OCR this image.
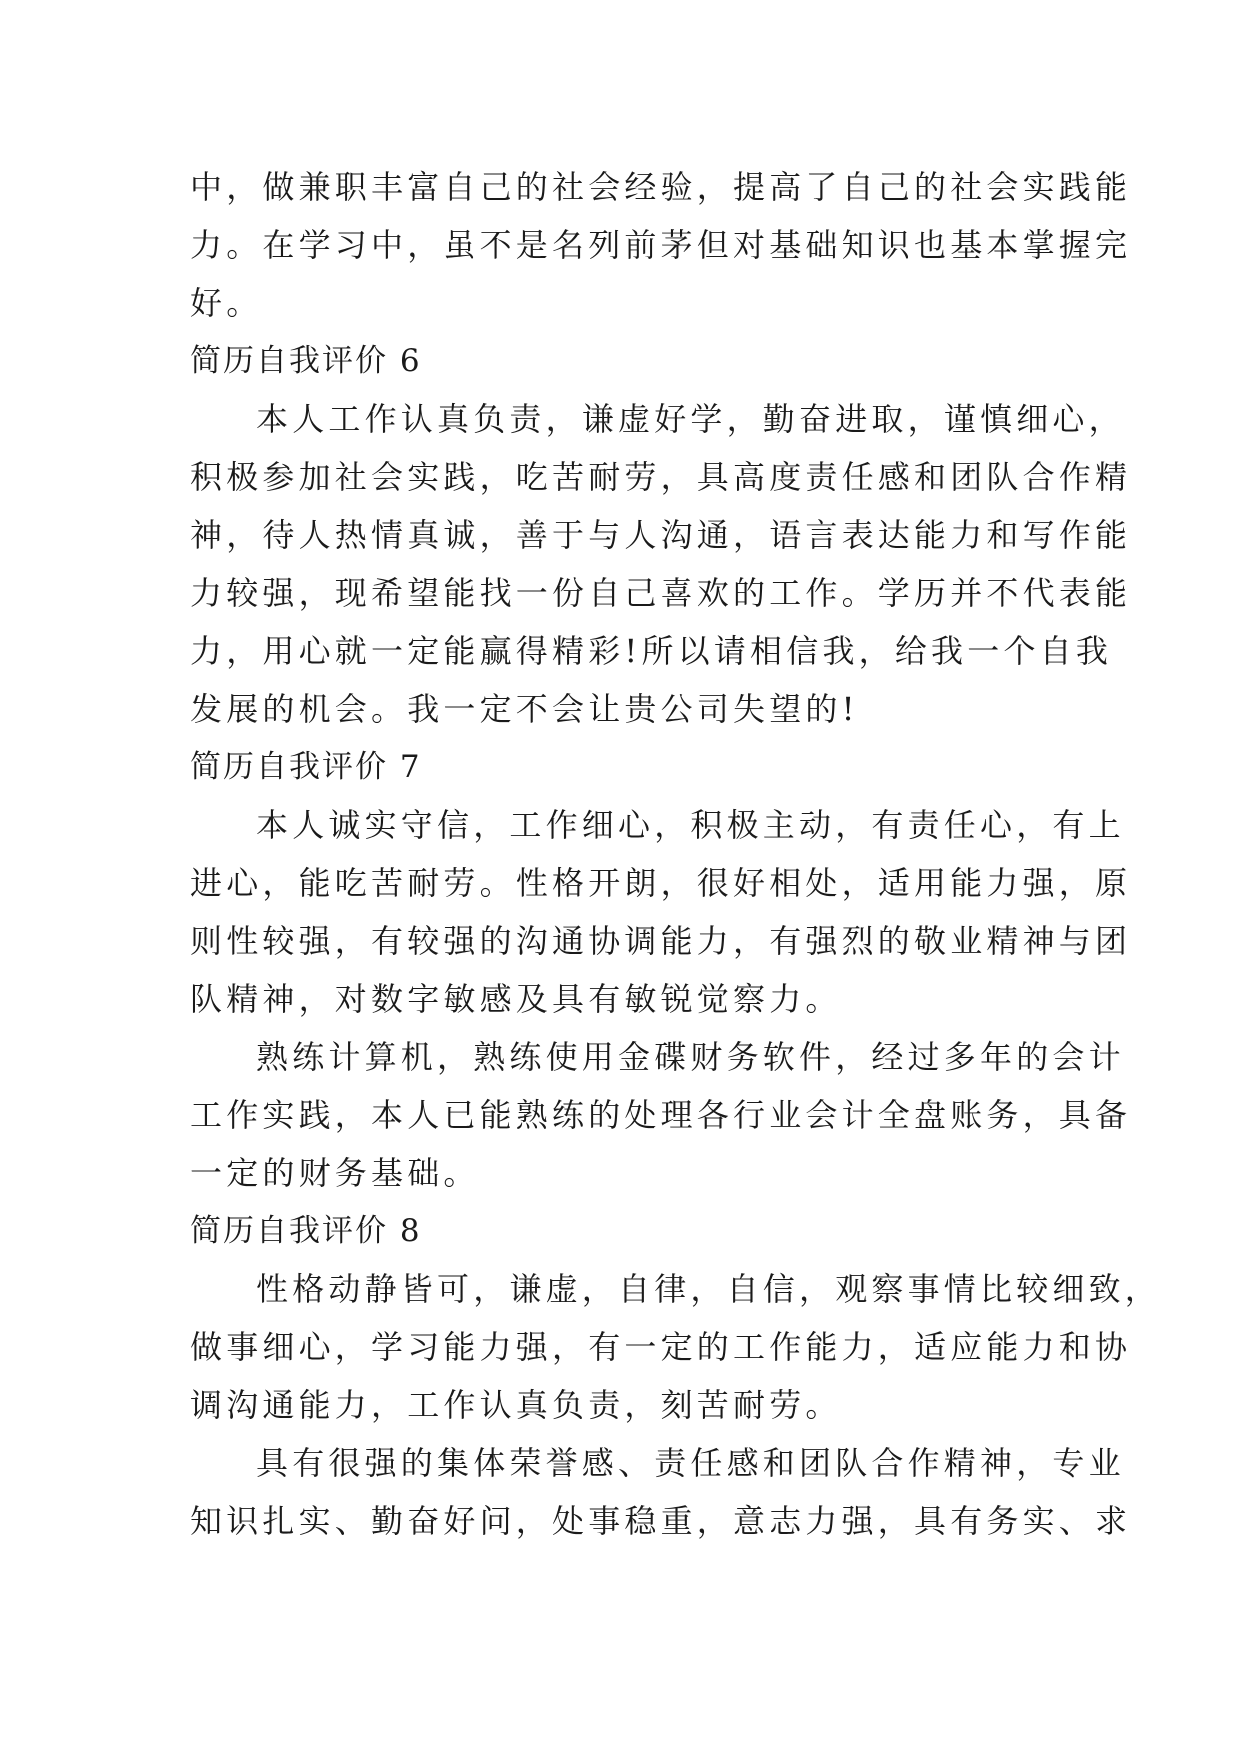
中，做兼职丰富自己的社会经验，提高了自己的社会实践能
力。在学习中，虽不是名列前茅但对基础知识也基本掌握完
好。
简历自我评价 6
本人工作认真负责，谦虚好学，勤奋进取，谨慎细心，
积极参加社会实践，吃苦耐劳，具高度责任感和团队合作精
神，待人热情真诚，善于与人沟通，语言表达能力和写作能
力较强，现希望能找一份自己喜欢的工作。学历并不代表能
力，用心就一定能赢得精彩!所以请相信我，给我一个自我
发展的机会。我一定不会让贵公司失望的!
简历自我评价 7
本人诚实守信，工作细心，积极主动，有责任心，有上
进心，能吃苦耐劳。性格开朗，很好相处，适用能力强，原
则性较强，有较强的沟通协调能力，有强烈的敬业精神与团
队精神，对数字敏感及具有敏锐觉察力。
熟练计算机，熟练使用金碟财务软件，经过多年的会计
工作实践，本人已能熟练的处理各行业会计全盘账务，具备
一定的财务基础。
简历自我评价 8
性格动静皆可，谦虚，自律，自信，观察事情比较细致，
做事细心，学习能力强，有一定的工作能力，适应能力和协
调沟通能力，工作认真负责，刻苦耐劳。
具有很强的集体荣誉感、责任感和团队合作精神，专业
知识扎实、勤奋好问，处事稳重，意志力强，具有务实、求
